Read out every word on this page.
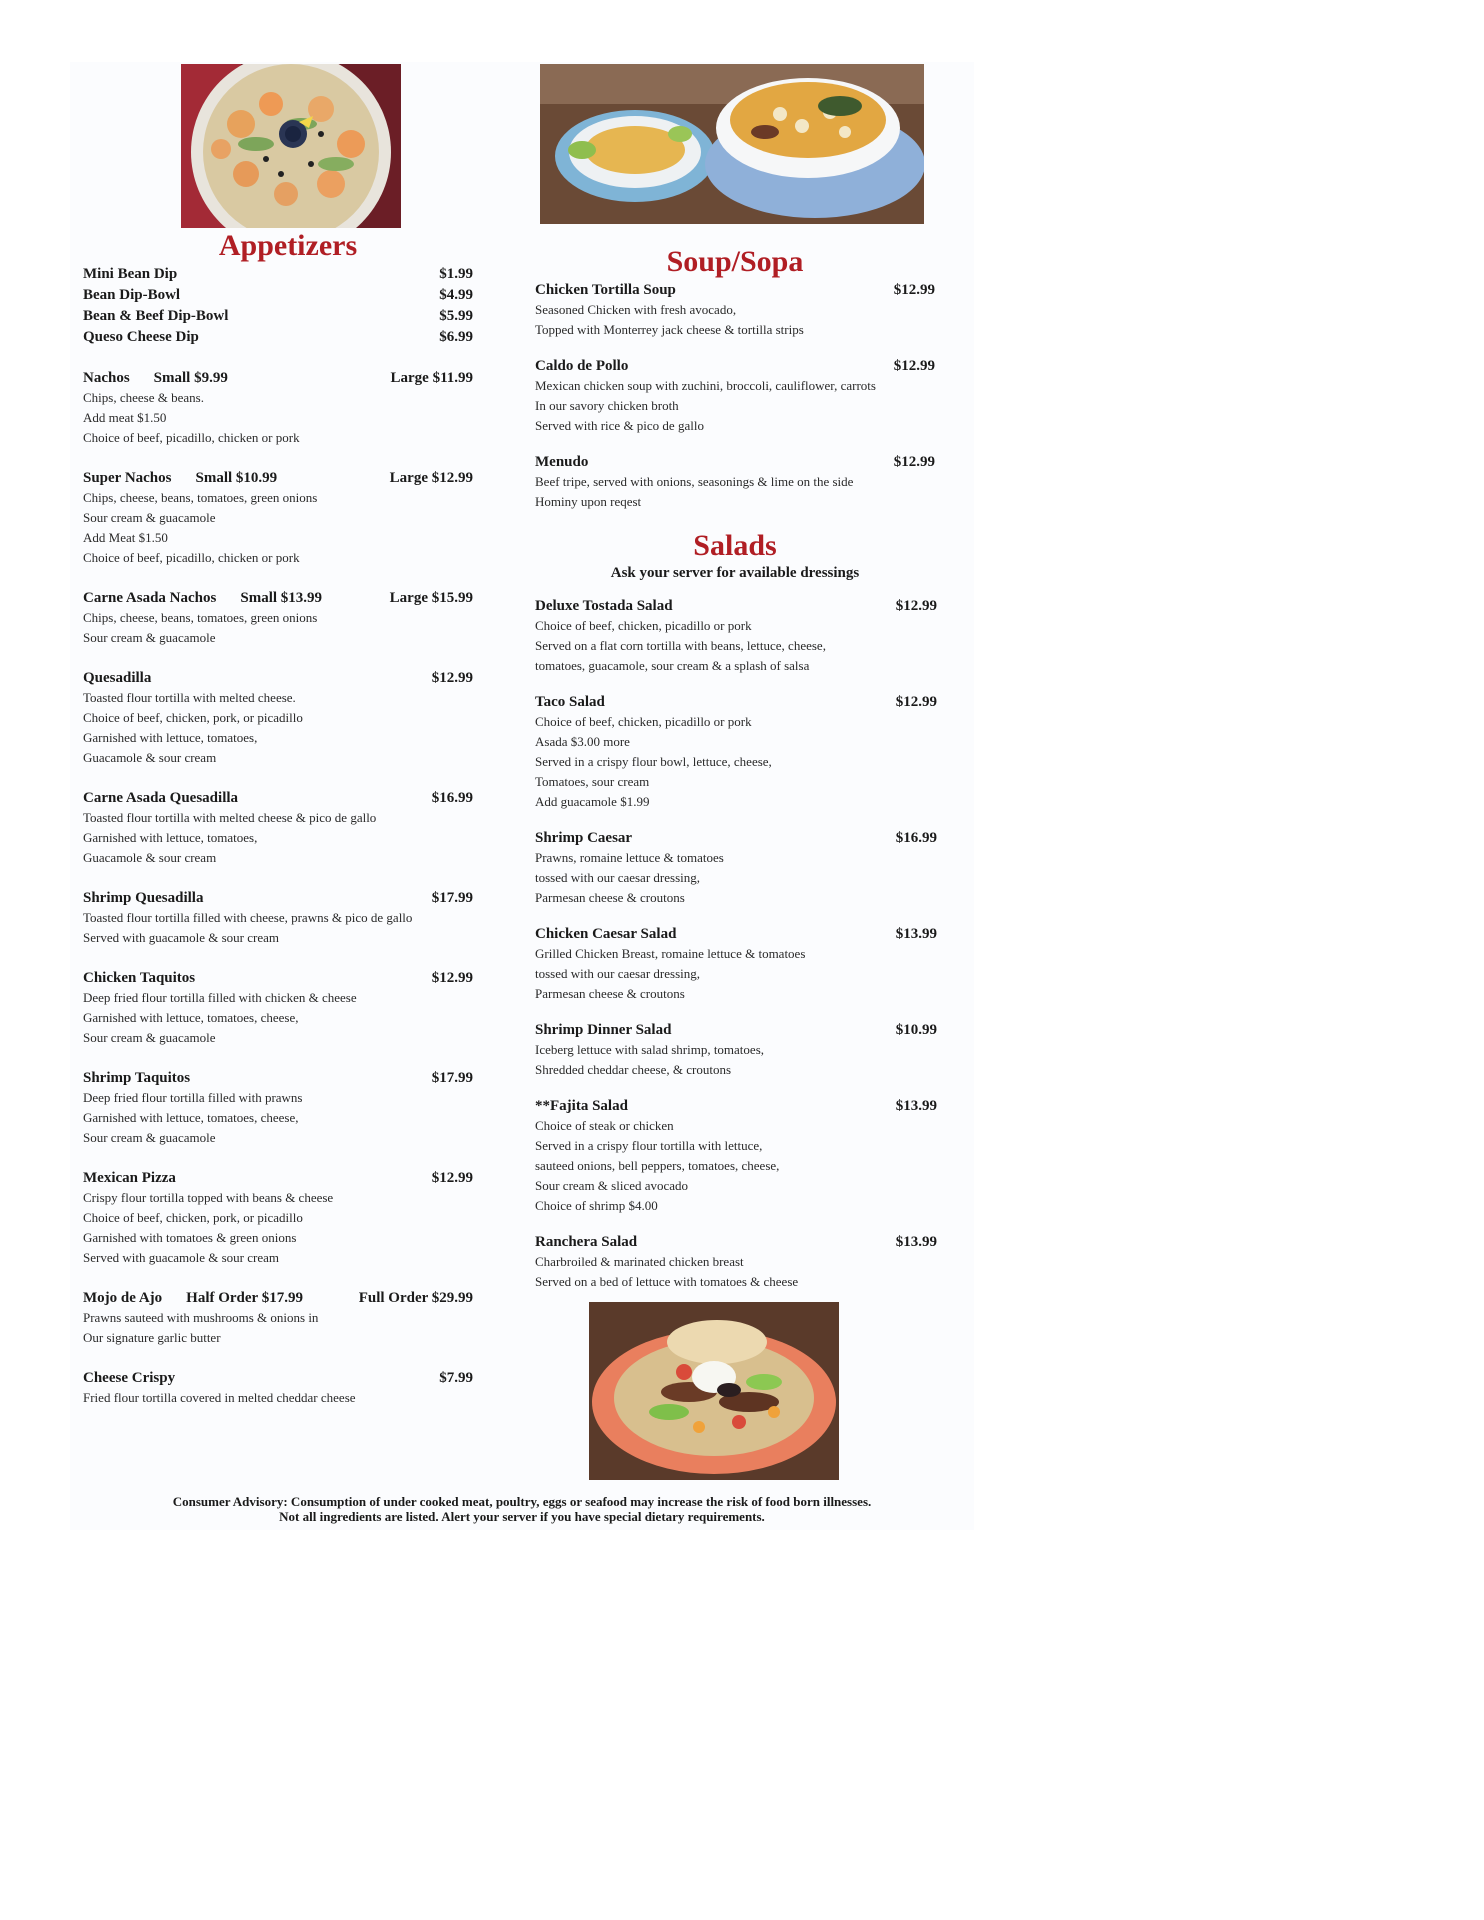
Appetizers
Mini Bean Dip	$1.99
Bean Dip-Bowl	$4.99
Bean & Beef Dip-Bowl	$5.99
Queso Cheese Dip	$6.99
Nachos	Small $9.99	Large $11.99
Chips, cheese & beans.
Add meat $1.50
Choice of beef, picadillo, chicken or pork
Super Nachos	Small $10.99	Large $12.99
Chips, cheese, beans, tomatoes, green onions
Sour cream & guacamole
Add Meat $1.50
Choice of beef, picadillo, chicken or pork
Carne Asada Nachos	Small $13.99	Large $15.99
Chips, cheese, beans, tomatoes, green onions
Sour cream & guacamole
Quesadilla	$12.99
Toasted flour tortilla with melted cheese.
Choice of beef, chicken, pork, or picadillo
Garnished with lettuce, tomatoes,
Guacamole & sour cream
Carne Asada Quesadilla	$16.99
Toasted flour tortilla with melted cheese & pico de gallo
Garnished with lettuce, tomatoes,
Guacamole & sour cream
Shrimp Quesadilla	$17.99
Toasted flour tortilla filled with cheese, prawns & pico de gallo
Served with guacamole & sour cream
Chicken Taquitos	$12.99
Deep fried flour tortilla filled with chicken & cheese
Garnished with lettuce, tomatoes, cheese,
Sour cream & guacamole
Shrimp Taquitos	$17.99
Deep fried flour tortilla filled with prawns
Garnished with lettuce, tomatoes, cheese,
Sour cream & guacamole
Mexican Pizza	$12.99
Crispy flour tortilla topped with beans & cheese
Choice of beef, chicken, pork, or picadillo
Garnished with tomatoes & green onions
Served with guacamole & sour cream
Mojo de Ajo	Half Order $17.99	Full Order $29.99
Prawns sauteed with mushrooms & onions in
Our signature garlic butter
Cheese Crispy	$7.99
Fried flour tortilla covered in melted cheddar cheese
Soup/Sopa
Chicken Tortilla Soup	$12.99
Seasoned Chicken with fresh avocado,
Topped with Monterrey jack cheese & tortilla strips
Caldo de Pollo	$12.99
Mexican chicken soup with zuchini, broccoli, cauliflower, carrots
In our savory chicken broth
Served with rice & pico de gallo
Menudo	$12.99
Beef tripe, served with onions, seasonings & lime on the side
Hominy upon reqest
Salads
Ask your server for available dressings
Deluxe Tostada Salad	$12.99
Choice of beef, chicken, picadillo or pork
Served on a flat corn tortilla with beans, lettuce, cheese,
tomatoes, guacamole, sour cream & a splash of salsa
Taco Salad	$12.99
Choice of beef, chicken, picadillo or pork
Asada $3.00 more
Served in a crispy flour bowl, lettuce, cheese,
Tomatoes, sour cream
Add guacamole $1.99
Shrimp Caesar	$16.99
Prawns, romaine lettuce & tomatoes
tossed with our caesar dressing,
Parmesan cheese & croutons
Chicken Caesar Salad	$13.99
Grilled Chicken Breast, romaine lettuce & tomatoes
tossed with our caesar dressing,
Parmesan cheese & croutons
Shrimp Dinner Salad	$10.99
Iceberg lettuce with salad shrimp, tomatoes,
Shredded cheddar cheese, & croutons
**Fajita Salad	$13.99
Choice of steak or chicken
Served in a crispy flour tortilla with lettuce,
sauteed onions, bell peppers, tomatoes, cheese,
Sour cream & sliced avocado
Choice of shrimp $4.00
Ranchera Salad	$13.99
Charbroiled & marinated chicken breast
Served on a bed of lettuce with tomatoes & cheese
Consumer Advisory: Consumption of under cooked meat, poultry, eggs or seafood may increase the risk of food born illnesses.
Not all ingredients are listed. Alert your server if you have special dietary requirements.
